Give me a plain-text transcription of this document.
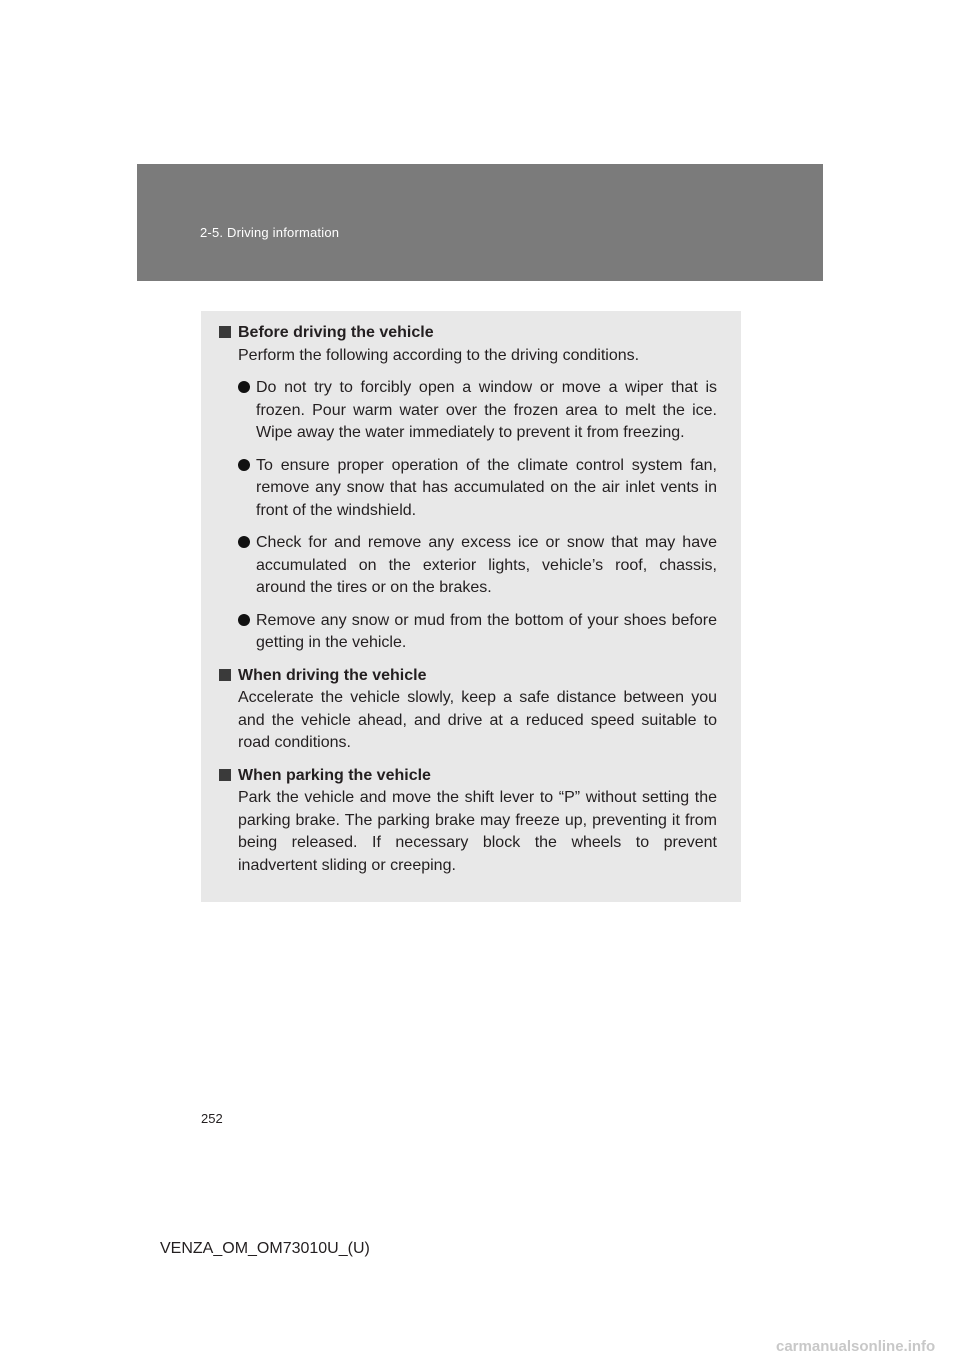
2-5. Driving information
Before driving the vehicle
Perform the following according to the driving conditions.
Do not try to forcibly open a window or move a wiper that is frozen. Pour warm water over the frozen area to melt the ice. Wipe away the water immediately to prevent it from freezing.
To ensure proper operation of the climate control system fan, remove any snow that has accumulated on the air inlet vents in front of the windshield.
Check for and remove any excess ice or snow that may have accumulated on the exterior lights, vehicle’s roof, chassis, around the tires or on the brakes.
Remove any snow or mud from the bottom of your shoes before getting in the vehicle.
When driving the vehicle
Accelerate the vehicle slowly, keep a safe distance between you and the vehicle ahead, and drive at a reduced speed suitable to road conditions.
When parking the vehicle
Park the vehicle and move the shift lever to “P” without setting the parking brake. The parking brake may freeze up, preventing it from being released. If necessary block the wheels to prevent inadvertent sliding or creeping.
252
VENZA_OM_OM73010U_(U)
carmanualsonline.info
